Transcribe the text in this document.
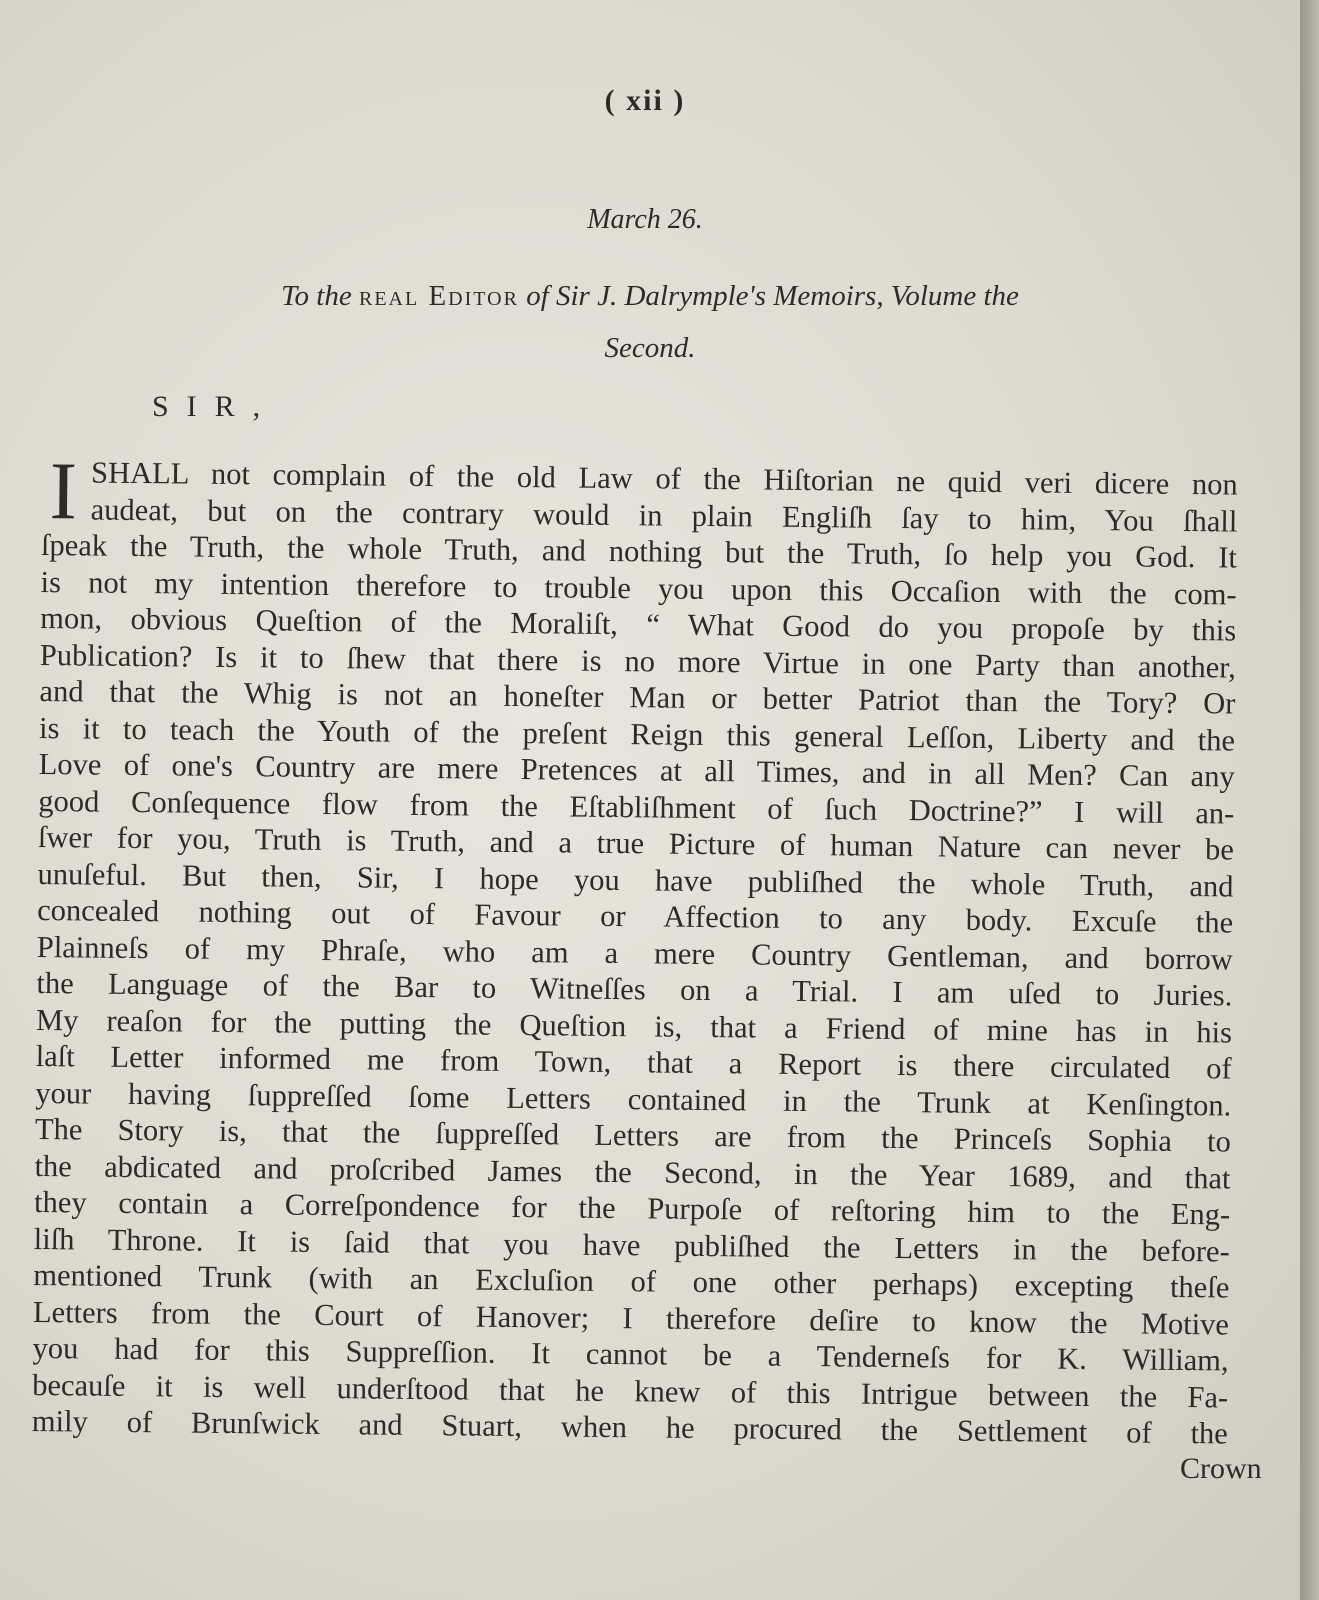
( xii )
March 26.
To the real Editor of Sir J. Dalrymple's Memoirs, Volume the
Second.
SIR,
I SHALL not complain of the old Law of the Hiſtorian ne quid veri dicere non
audeat, but on the contrary would in plain Engliſh ſay to him, You ſhall
ſpeak the Truth, the whole Truth, and nothing but the Truth, ſo help you God. It
is not my intention therefore to trouble you upon this Occaſion with the com-
mon, obvious Queſtion of the Moraliſt, “ What Good do you propoſe by this
Publication? Is it to ſhew that there is no more Virtue in one Party than another,
and that the Whig is not an honeſter Man or better Patriot than the Tory? Or
is it to teach the Youth of the preſent Reign this general Leſſon, Liberty and the
Love of one's Country are mere Pretences at all Times, and in all Men? Can any
good Conſequence flow from the Eſtabliſhment of ſuch Doctrine?” I will an-
ſwer for you, Truth is Truth, and a true Picture of human Nature can never be
unuſeful. But then, Sir, I hope you have publiſhed the whole Truth, and
concealed nothing out of Favour or Affection to any body. Excuſe the
Plainneſs of my Phraſe, who am a mere Country Gentleman, and borrow
the Language of the Bar to Witneſſes on a Trial. I am uſed to Juries.
My reaſon for the putting the Queſtion is, that a Friend of mine has in his
laſt Letter informed me from Town, that a Report is there circulated of
your having ſuppreſſed ſome Letters contained in the Trunk at Kenſington.
The Story is, that the ſuppreſſed Letters are from the Princeſs Sophia to
the abdicated and proſcribed James the Second, in the Year 1689, and that
they contain a Correſpondence for the Purpoſe of reſtoring him to the Eng-
liſh Throne. It is ſaid that you have publiſhed the Letters in the before-
mentioned Trunk (with an Excluſion of one other perhaps) excepting theſe
Letters from the Court of Hanover; I therefore deſire to know the Motive
you had for this Suppreſſion. It cannot be a Tenderneſs for K. William,
becauſe it is well underſtood that he knew of this Intrigue between the Fa-
mily of Brunſwick and Stuart, when he procured the Settlement of the
Crown
